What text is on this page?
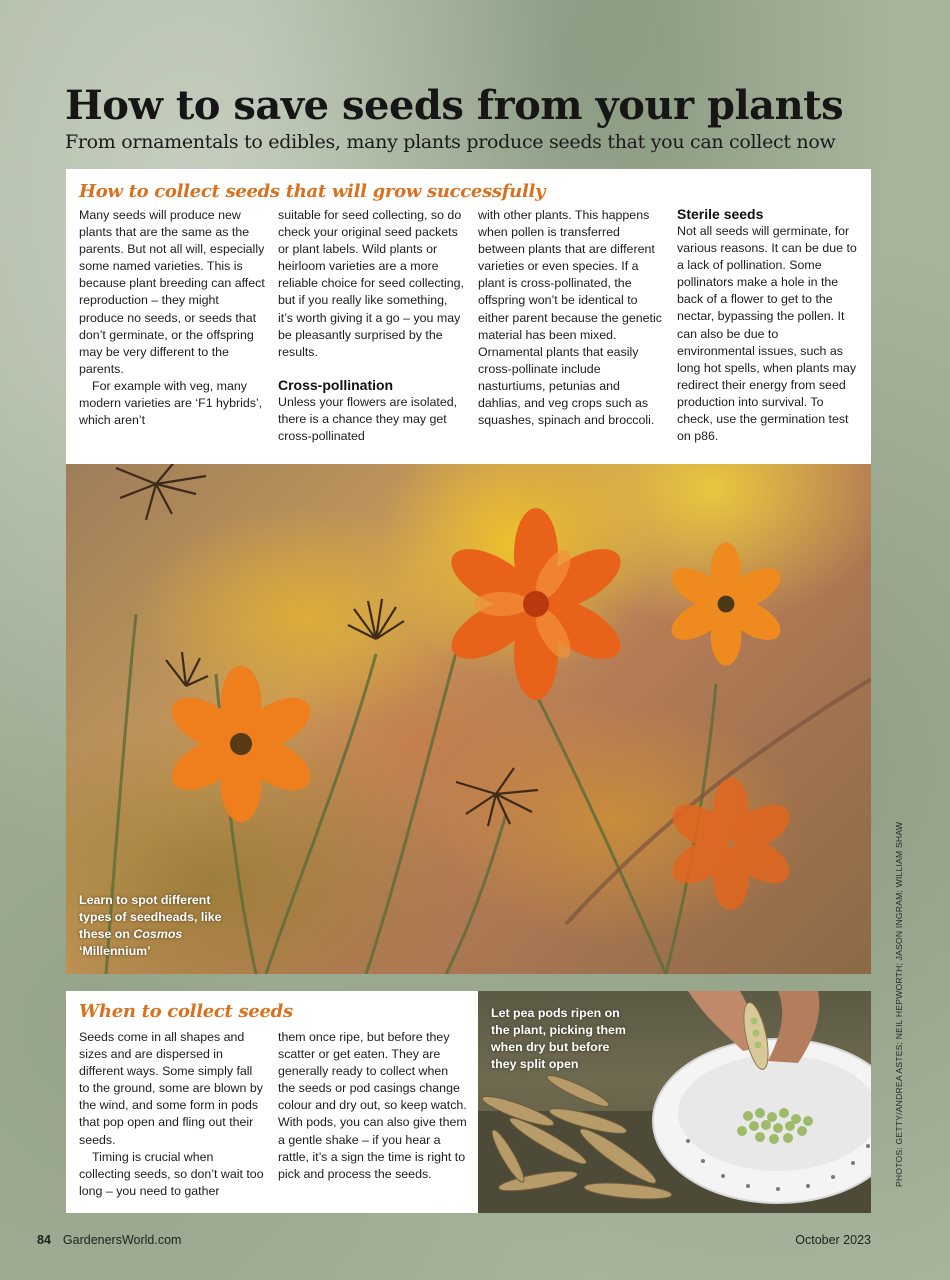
How to save seeds from your plants

From ornamentals to edibles, many plants produce seeds that you can collect now

How to collect seeds that will grow successfully

Many seeds will produce new plants that are the same as the parents. But not all will, especially some named varieties. This is because plant breeding can affect reproduction – they might produce no seeds, or seeds that don’t germinate, or the offspring may be very different to the parents.

For example with veg, many modern varieties are ‘F1 hybrids’, which aren’t

suitable for seed collecting, so do check your original seed packets or plant labels. Wild plants or heirloom varieties are a more reliable choice for seed collecting, but if you really like something, it’s worth giving it a go – you may be pleasantly surprised by the results.

Cross-pollination

Unless your flowers are isolated, there is a chance they may get cross-pollinated

with other plants. This happens when pollen is transferred between plants that are different varieties or even species. If a plant is cross-pollinated, the offspring won’t be identical to either parent because the genetic material has been mixed. Ornamental plants that easily cross-pollinate include nasturtiums, petunias and dahlias, and veg crops such as squashes, spinach and broccoli.

Sterile seeds

Not all seeds will germinate, for various reasons. It can be due to a lack of pollination. Some pollinators make a hole in the back of a flower to get to the nectar, bypassing the pollen. It can also be due to environmental issues, such as long hot spells, when plants may redirect their energy from seed production into survival. To check, use the germination test on p86.

Learn to spot different types of seedheads, like these on Cosmos ‘Millennium’

When to collect seeds

Seeds come in all shapes and sizes and are dispersed in different ways. Some simply fall to the ground, some are blown by the wind, and some form in pods that pop open and fling out their seeds.

Timing is crucial when collecting seeds, so don’t wait too long – you need to gather

them once ripe, but before they scatter or get eaten. They are generally ready to collect when the seeds or pod casings change colour and dry out, so keep watch. With pods, you can also give them a gentle shake – if you hear a rattle, it’s a sign the time is right to pick and process the seeds.

Let pea pods ripen on the plant, picking them when dry but before they split open	PHOTOS: GETTY/ANDREA ASTES; NEIL HEPWORTH; JASON INGRAM; WILLIAM SHAW

84 GardenersWorld.com	October 2023
